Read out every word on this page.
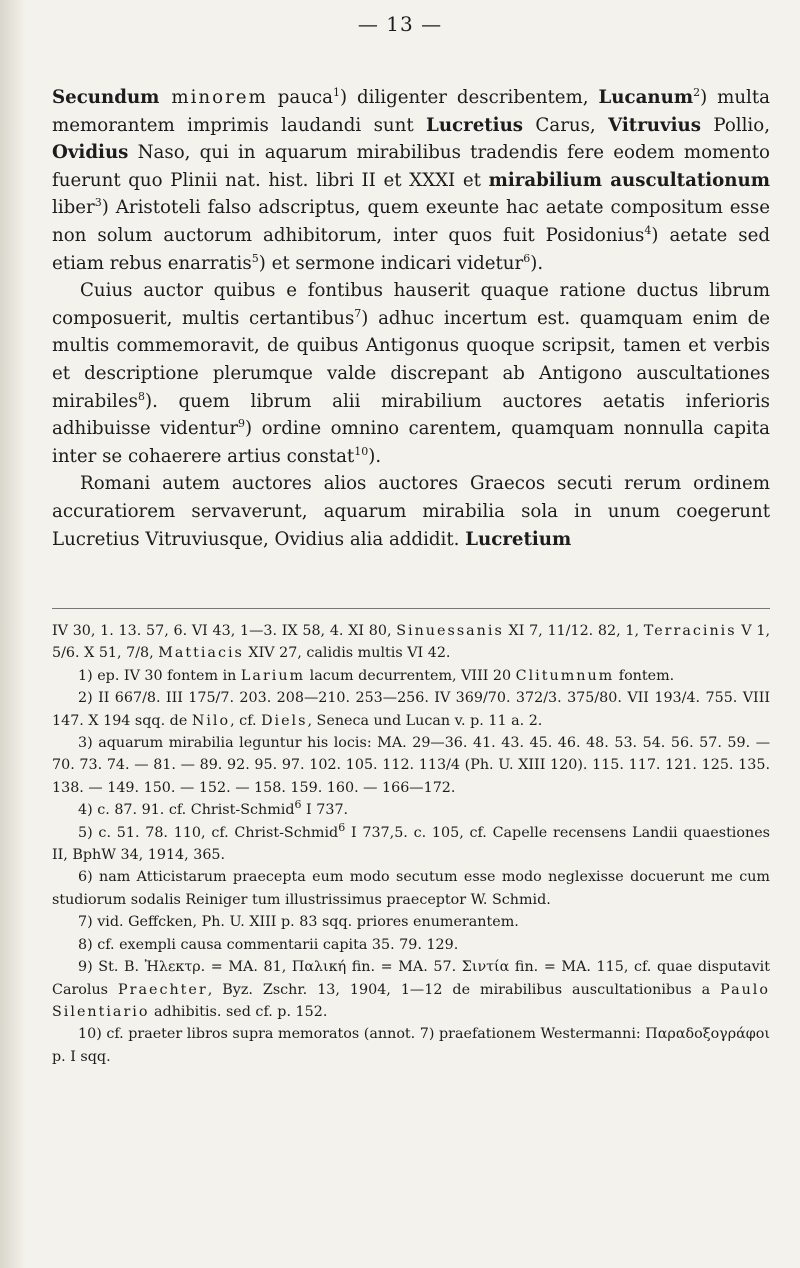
— 13 —

Secundum minorem pauca$^1$) diligenter describentem, Lucanum$^2$) multa memorantem imprimis laudandi sunt Lucretius Carus, Vitruvius Pollio, Ovidius Naso, qui in aquarum mirabilibus tradendis fere eodem momento fuerunt quo Plinii nat. hist. libri II et XXXI et mirabilium auscultationum liber$^3$) Aristoteli falso adscriptus, quem exeunte hac aetate compositum esse non solum auctorum adhibitorum, inter quos fuit Posidonius$^4$) aetate sed etiam rebus enarratis$^5$) et sermone indicari videtur$^6$).

Cuius auctor quibus e fontibus hauserit quaque ratione ductus librum composuerit, multis certantibus$^7$) adhuc incertum est. quamquam enim de multis commemoravit, de quibus Antigonus quoque scripsit, tamen et verbis et descriptione plerumque valde discrepant ab Antigono auscultationes mirabiles$^8$). quem librum alii mirabilium auctores aetatis inferioris adhibuisse videntur$^9$) ordine omnino carentem, quamquam nonnulla capita inter se cohaerere artius constat$^{10}$).

Romani autem auctores alios auctores Graecos secuti rerum ordinem accuratiorem servaverunt, aquarum mirabilia sola in unum coegerunt Lucretius Vitruviusque, Ovidius alia addidit. Lucretium

IV 30, 1. 13. 57, 6. VI 43, 1—3. IX 58, 4. XI 80, Sinuessanis XI 7, 11/12. 82, 1, Terracinis V 1, 5/6. X 51, 7/8, Mattiacis XIV 27, calidis multis VI 42.

1) ep. IV 30 fontem in Larium lacum decurrentem, VIII 20 Clitumnum fontem.

2) II 667/8. III 175/7. 203. 208—210. 253—256. IV 369/70. 372/3. 375/80. VII 193/4. 755. VIII 147. X 194 sqq. de Nilo, cf. Diels, Seneca und Lucan v. p. 11 a. 2.

3) aquarum mirabilia leguntur his locis: MA. 29—36. 41. 43. 45. 46. 48. 53. 54. 56. 57. 59. — 70. 73. 74. — 81. — 89. 92. 95. 97. 102. 105. 112. 113/4 (Ph. U. XIII 120). 115. 117. 121. 125. 135. 138. — 149. 150. — 152. — 158. 159. 160. — 166—172.

4) c. 87. 91. cf. Christ-Schmid$^6$ I 737.

5) c. 51. 78. 110, cf. Christ-Schmid$^6$ I 737,5. c. 105, cf. Capelle recensens Landii quaestiones II, BphW 34, 1914, 365.

6) nam Atticistarum praecepta eum modo secutum esse modo neglexisse docuerunt me cum studiorum sodalis Reiniger tum illustrissimus praeceptor W. Schmid.

7) vid. Geffcken, Ph. U. XIII p. 83 sqq. priores enumerantem.

8) cf. exempli causa commentarii capita 35. 79. 129.

9) St. B. Ἠλεκτρ. = MA. 81, Παλική fin. = MA. 57. Σιντία fin. = MA. 115, cf. quae disputavit Carolus Praechter, Byz. Zschr. 13, 1904, 1—12 de mirabilibus auscultationibus a Paulo Silentiario adhibitis. sed cf. p. 152.

10) cf. praeter libros supra memoratos (annot. 7) praefationem Westermanni: Παραδοξογράφοι p. I sqq.
